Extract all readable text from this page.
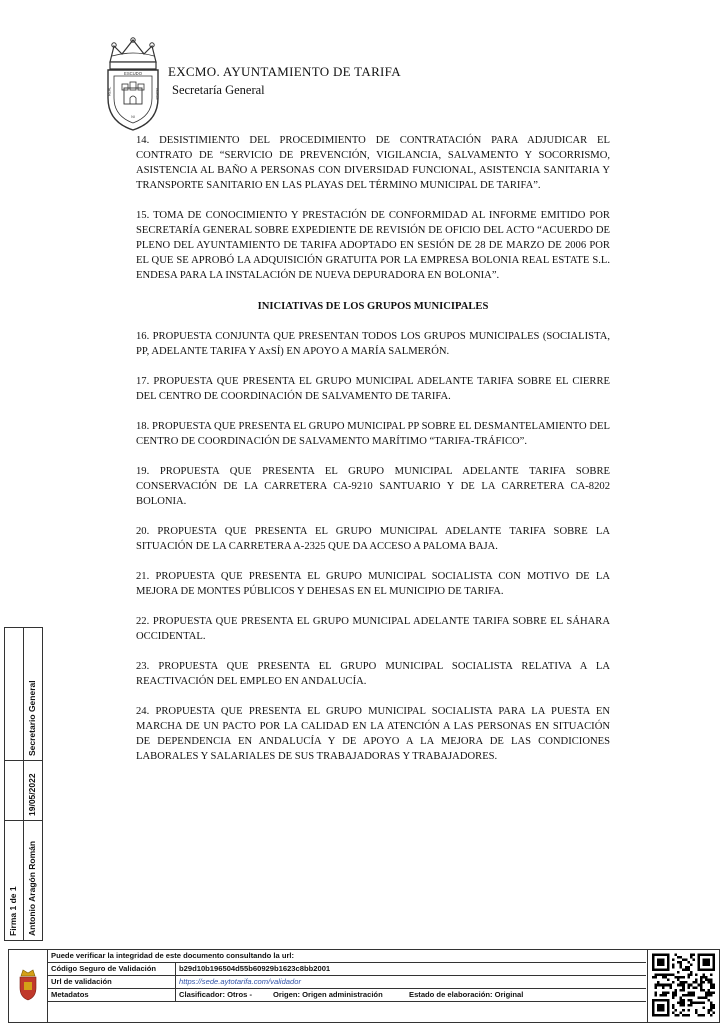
ESCUDO
REAL	NOBLE
NI
EXCMO. AYUNTAMIENTO DE TARIFA
Secretaría General

14. DESISTIMIENTO DEL PROCEDIMIENTO DE CONTRATACIÓN PARA ADJUDICAR EL CONTRATO DE “SERVICIO DE PREVENCIÓN, VIGILANCIA, SALVAMENTO Y SOCORRISMO, ASISTENCIA AL BAÑO A PERSONAS CON DIVERSIDAD FUNCIONAL, ASISTENCIA SANITARIA Y TRANSPORTE SANITARIO EN LAS PLAYAS DEL TÉRMINO MUNICIPAL DE TARIFA”.

15. TOMA DE CONOCIMIENTO Y PRESTACIÓN DE CONFORMIDAD AL INFORME EMITIDO POR SECRETARÍA GENERAL SOBRE EXPEDIENTE DE REVISIÓN DE OFICIO DEL ACTO “ACUERDO DE PLENO DEL AYUNTAMIENTO DE TARIFA ADOPTADO EN SESIÓN DE 28 DE MARZO DE 2006 POR EL QUE SE APROBÓ LA ADQUISICIÓN GRATUITA POR LA EMPRESA BOLONIA REAL ESTATE S.L. ENDESA PARA LA INSTALACIÓN DE NUEVA DEPURADORA EN BOLONIA”.

INICIATIVAS DE LOS GRUPOS MUNICIPALES

16. PROPUESTA CONJUNTA QUE PRESENTAN TODOS LOS GRUPOS MUNICIPALES (SOCIALISTA, PP, ADELANTE TARIFA Y AxSÍ) EN APOYO A MARÍA SALMERÓN.

17. PROPUESTA QUE PRESENTA EL GRUPO MUNICIPAL ADELANTE TARIFA SOBRE EL CIERRE DEL CENTRO DE COORDINACIÓN DE SALVAMENTO DE TARIFA.

18. PROPUESTA QUE PRESENTA EL GRUPO MUNICIPAL PP SOBRE EL DESMANTELAMIENTO DEL CENTRO DE COORDINACIÓN DE SALVAMENTO MARÍTIMO “TARIFA-TRÁFICO”.

19. PROPUESTA QUE PRESENTA EL GRUPO MUNICIPAL ADELANTE TARIFA SOBRE CONSERVACIÓN DE LA CARRETERA CA-9210 SANTUARIO Y DE LA CARRETERA CA-8202 BOLONIA.

20. PROPUESTA QUE PRESENTA EL GRUPO MUNICIPAL ADELANTE TARIFA SOBRE LA SITUACIÓN DE LA CARRETERA A-2325 QUE DA ACCESO A PALOMA BAJA.

21. PROPUESTA QUE PRESENTA EL GRUPO MUNICIPAL SOCIALISTA CON MOTIVO DE LA MEJORA DE MONTES PÚBLICOS Y DEHESAS EN EL MUNICIPIO DE TARIFA.

22. PROPUESTA QUE PRESENTA EL GRUPO MUNICIPAL ADELANTE TARIFA SOBRE EL SÁHARA OCCIDENTAL.

23. PROPUESTA QUE PRESENTA EL GRUPO MUNICIPAL SOCIALISTA RELATIVA A LA REACTIVACIÓN DEL EMPLEO EN ANDALUCÍA.

24. PROPUESTA QUE PRESENTA EL GRUPO MUNICIPAL SOCIALISTA PARA LA PUESTA EN MARCHA DE UN PACTO POR LA CALIDAD EN LA ATENCIÓN A LAS PERSONAS EN SITUACIÓN DE DEPENDENCIA EN ANDALUCÍA Y DE APOYO A LA MEJORA DE LAS CONDICIONES LABORALES Y SALARIALES DE SUS TRABAJADORAS Y TRABAJADORES.

Firma 1 de 1 Antonio Aragón Román
19/05/2022
Secretario General
Puede verificar la integridad de este documento consultando la url:
Código Seguro de Validación	b29d10b196504d55b60929b1623c8bb2001
Url de validación	https://sede.aytotarifa.com/validador
Metadatos	Clasificador: Otros -	Origen: Origen administración	Estado de elaboración: Original
